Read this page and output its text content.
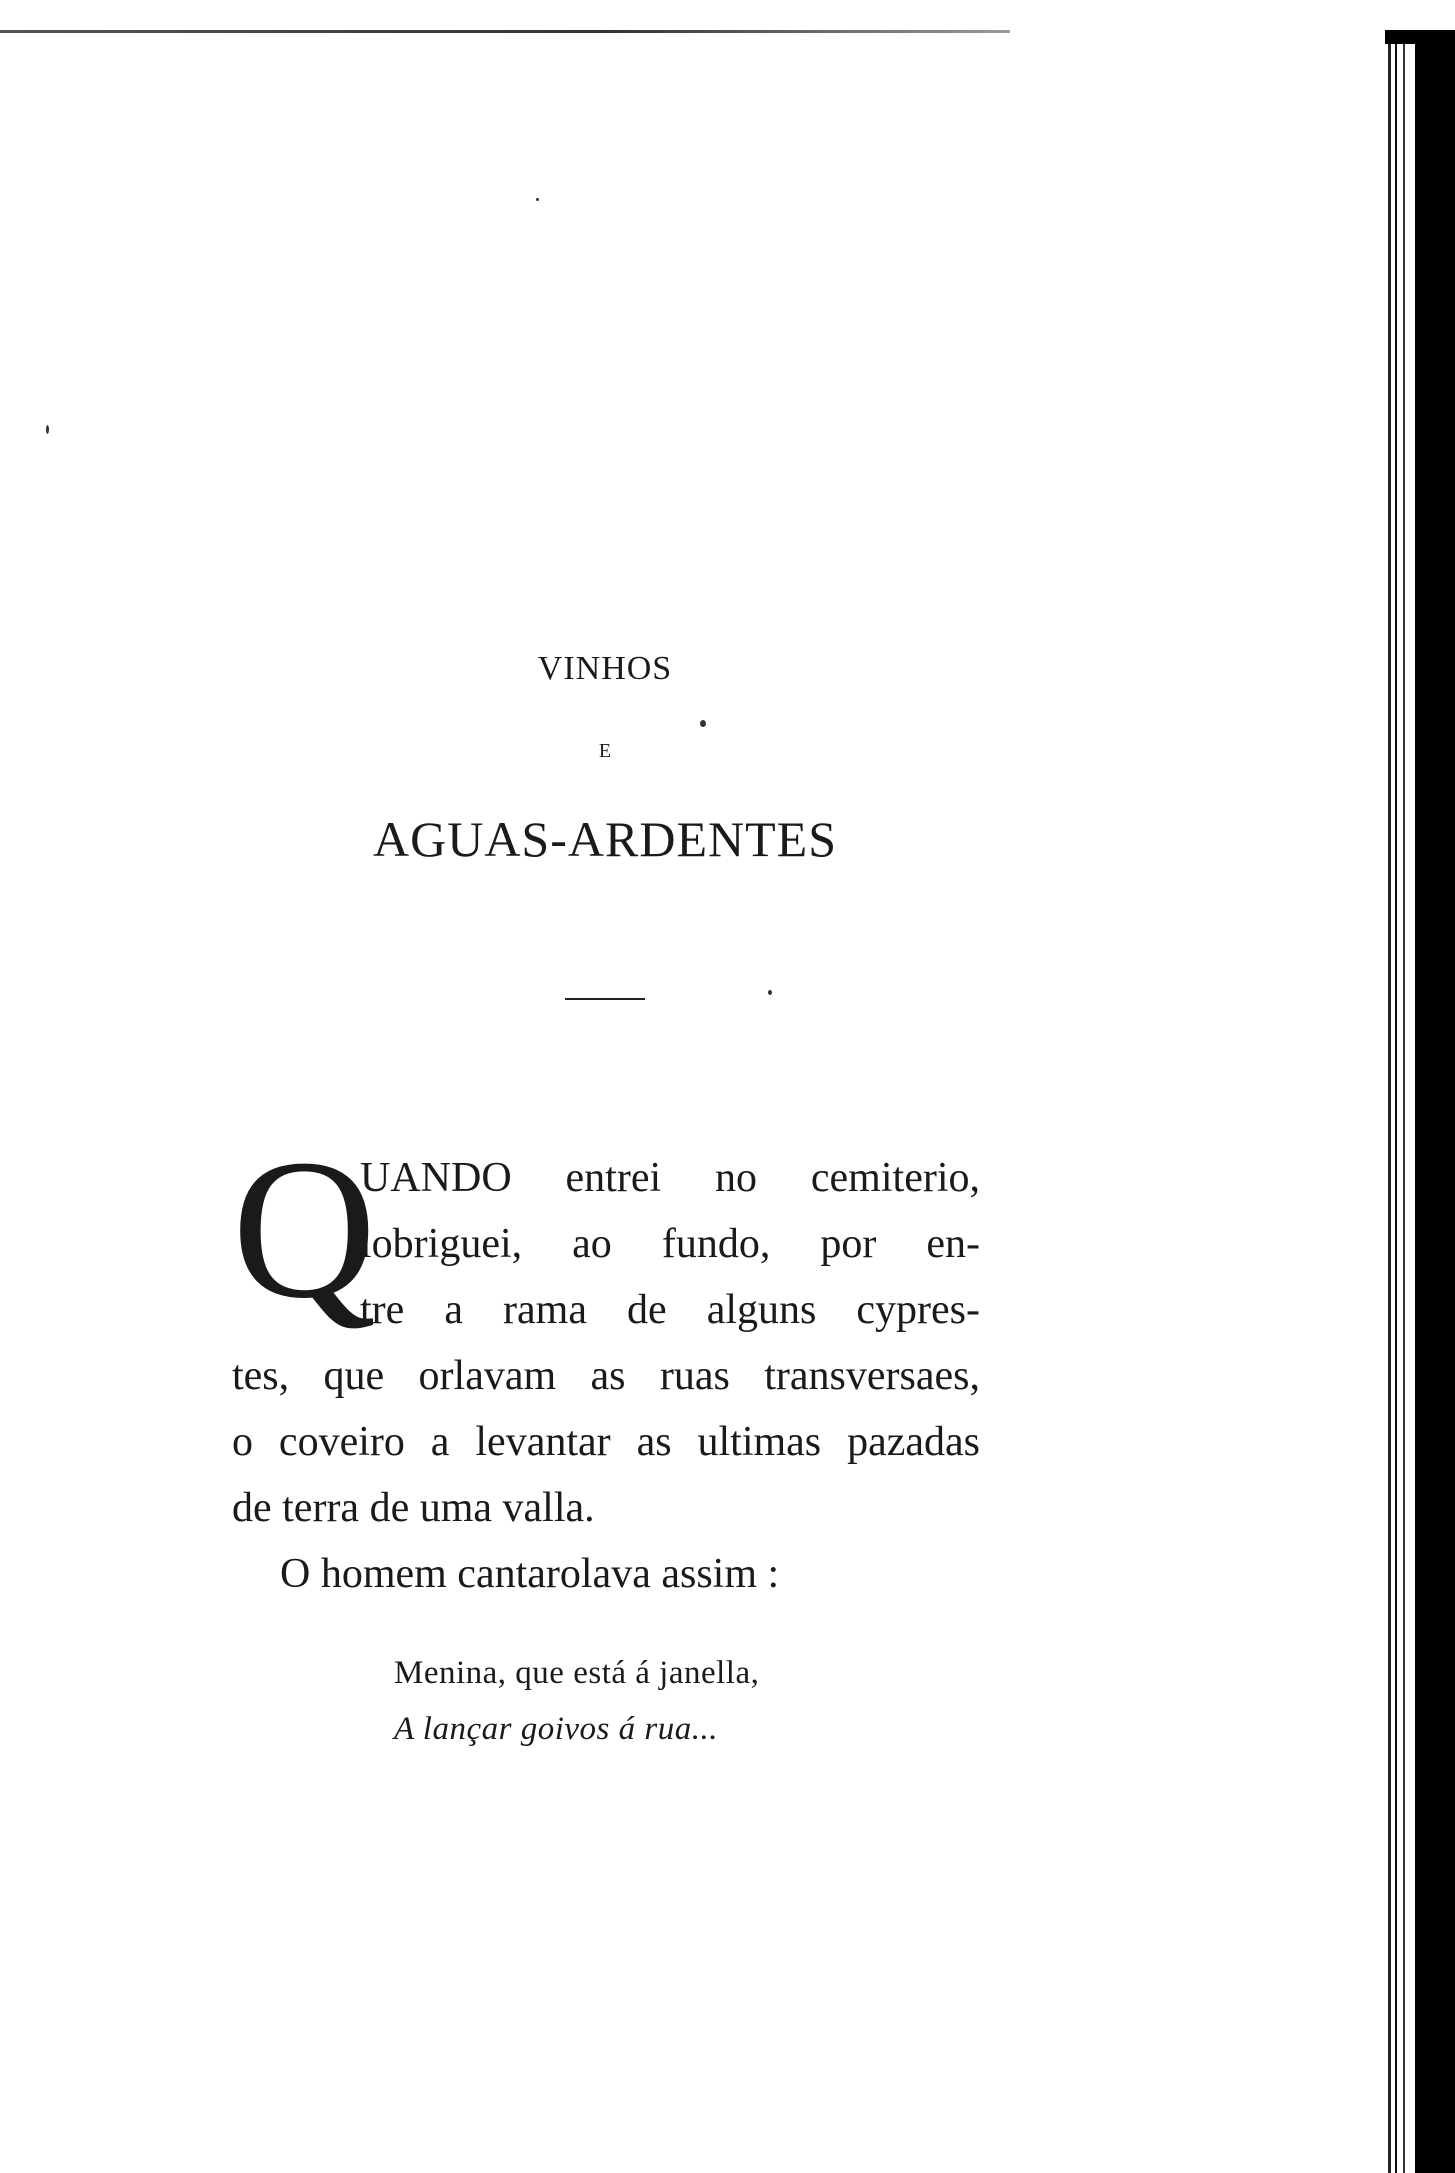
VINHOS
E
AGUAS-ARDENTES
Q
UANDO entrei no cemiterio,
lobriguei, ao fundo, por en-
tre a rama de alguns cypres-
tes, que orlavam as ruas transversaes,
o coveiro a levantar as ultimas pazadas
de terra de uma valla.
O homem cantarolava assim :
Menina, que está á janella,
A lançar goivos á rua...
